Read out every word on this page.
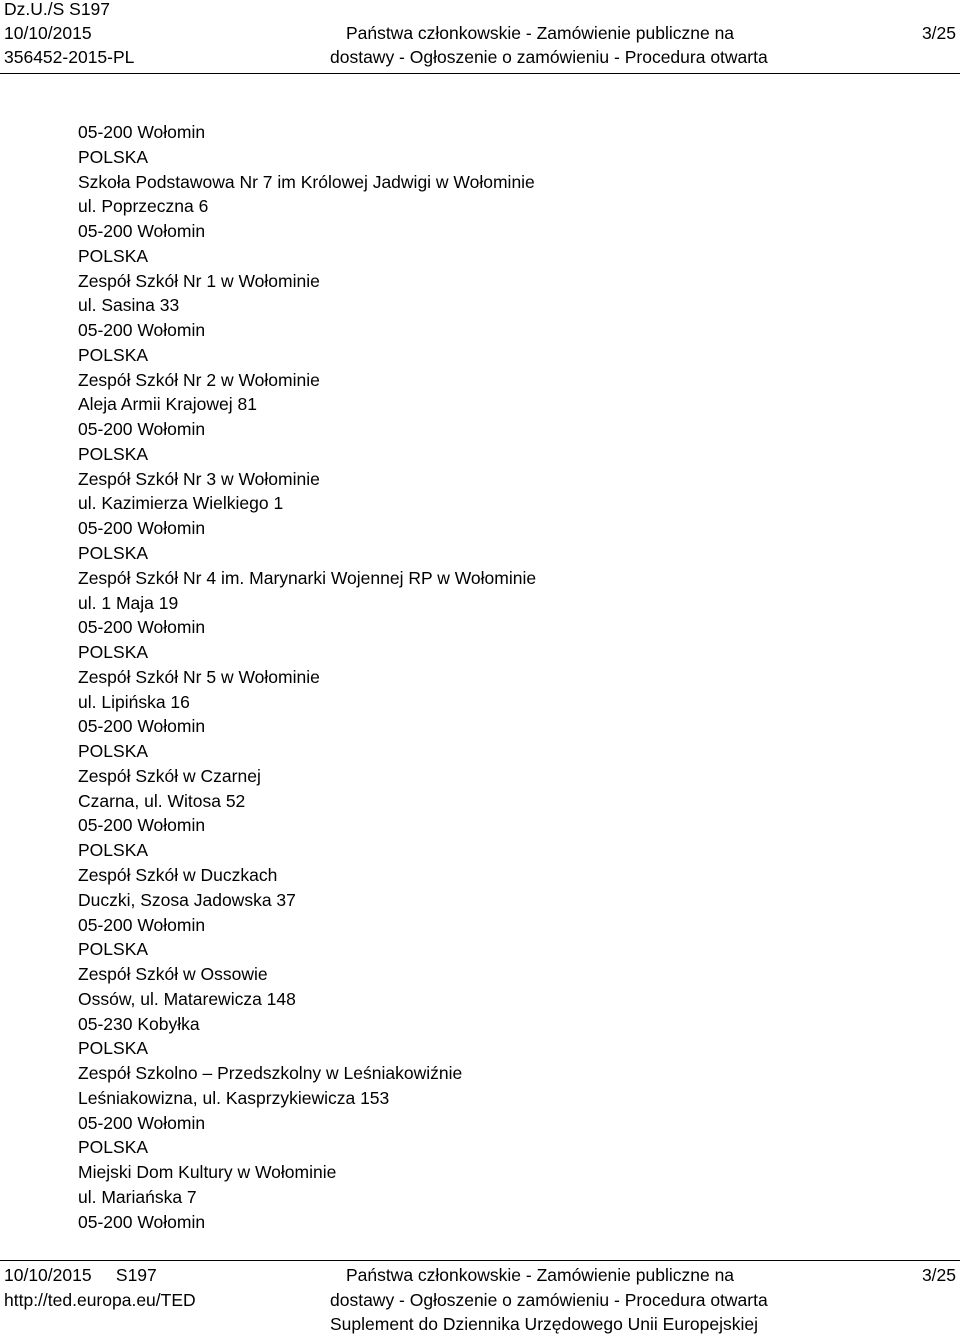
Dz.U./S S197
10/10/2015
356452-2015-PL
Państwa członkowskie - Zamówienie publiczne na
dostawy - Ogłoszenie o zamówieniu - Procedura otwarta
3/25
05-200 Wołomin
POLSKA
Szkoła Podstawowa Nr 7 im Królowej Jadwigi w Wołominie
ul. Poprzeczna 6
05-200 Wołomin
POLSKA
Zespół Szkół Nr 1 w Wołominie
ul. Sasina 33
05-200 Wołomin
POLSKA
Zespół Szkół Nr 2 w Wołominie
Aleja Armii Krajowej 81
05-200 Wołomin
POLSKA
Zespół Szkół Nr 3 w Wołominie
ul. Kazimierza Wielkiego 1
05-200 Wołomin
POLSKA
Zespół Szkół Nr 4 im. Marynarki Wojennej RP w Wołominie
ul. 1 Maja 19
05-200 Wołomin
POLSKA
Zespół Szkół Nr 5 w Wołominie
ul. Lipińska 16
05-200 Wołomin
POLSKA
Zespół Szkół w Czarnej
Czarna, ul. Witosa 52
05-200 Wołomin
POLSKA
Zespół Szkół w Duczkach
Duczki, Szosa Jadowska 37
05-200 Wołomin
POLSKA
Zespół Szkół w Ossowie
Ossów, ul. Matarewicza 148
05-230 Kobyłka
POLSKA
Zespół Szkolno – Przedszkolny w Leśniakowiźnie
Leśniakowizna, ul. Kasprzykiewicza 153
05-200 Wołomin
POLSKA
Miejski Dom Kultury w Wołominie
ul. Mariańska 7
05-200 Wołomin
10/10/2015     S197
http://ted.europa.eu/TED
Państwa członkowskie - Zamówienie publiczne na
dostawy - Ogłoszenie o zamówieniu - Procedura otwarta
Suplement do Dziennika Urzędowego Unii Europejskiej
3/25
